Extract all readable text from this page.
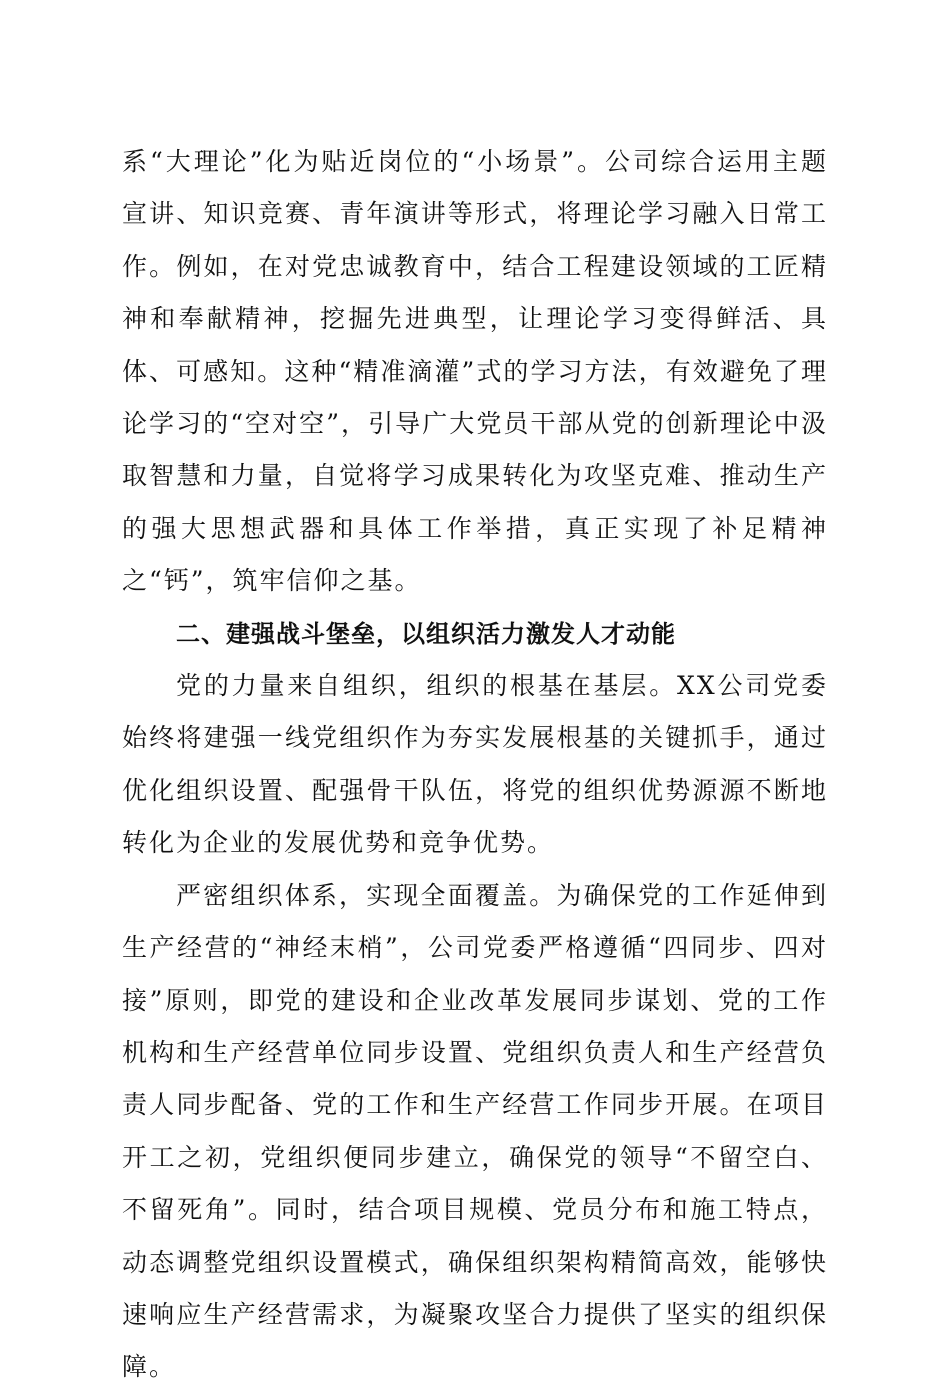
系“大理论”化为贴近岗位的“小场景”。公司综合运用主题宣讲、知识竞赛、青年演讲等形式，将理论学习融入日常工作。例如，在对党忠诚教育中，结合工程建设领域的工匠精神和奉献精神，挖掘先进典型，让理论学习变得鲜活、具体、可感知。这种“精准滴灌”式的学习方法，有效避免了理论学习的“空对空”，引导广大党员干部从党的创新理论中汲取智慧和力量，自觉将学习成果转化为攻坚克难、推动生产的强大思想武器和具体工作举措，真正实现了补足精神之“钙”，筑牢信仰之基。

二、建强战斗堡垒，以组织活力激发人才动能

党的力量来自组织，组织的根基在基层。XX公司党委始终将建强一线党组织作为夯实发展根基的关键抓手，通过优化组织设置、配强骨干队伍，将党的组织优势源源不断地转化为企业的发展优势和竞争优势。

严密组织体系，实现全面覆盖。为确保党的工作延伸到生产经营的“神经末梢”，公司党委严格遵循“四同步、四对接”原则，即党的建设和企业改革发展同步谋划、党的工作机构和生产经营单位同步设置、党组织负责人和生产经营负责人同步配备、党的工作和生产经营工作同步开展。在项目开工之初，党组织便同步建立，确保党的领导“不留空白、不留死角”。同时，结合项目规模、党员分布和施工特点，动态调整党组织设置模式，确保组织架构精简高效，能够快速响应生产经营需求，为凝聚攻坚合力提供了坚实的组织保障。
